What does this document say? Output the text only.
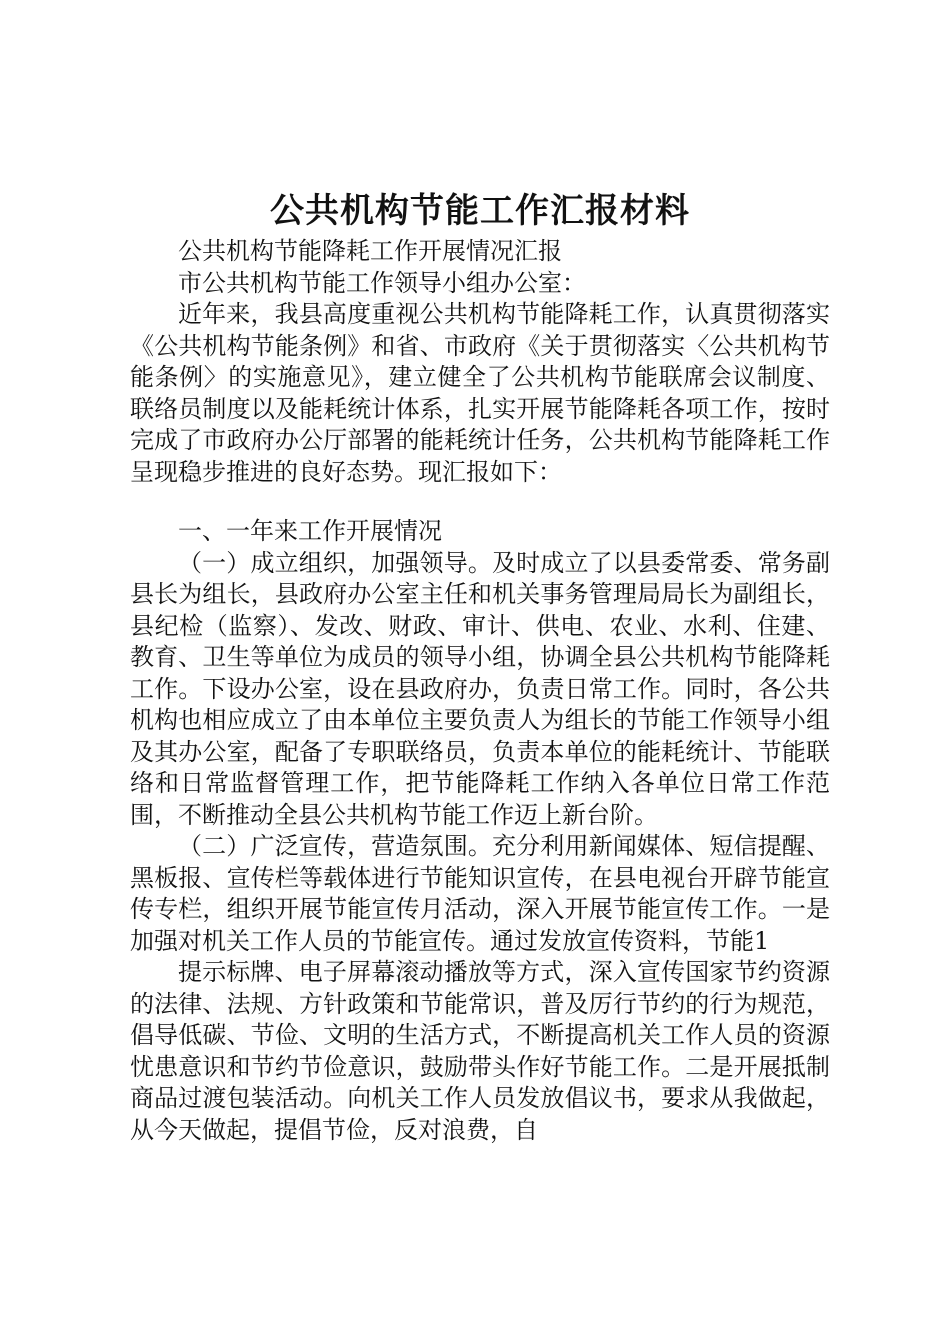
公共机构节能工作汇报材料

公共机构节能降耗工作开展情况汇报

市公共机构节能工作领导小组办公室：

近年来，我县高度重视公共机构节能降耗工作，认真贯彻落实《公共机构节能条例》和省、市政府《关于贯彻落实〈公共机构节能条例〉的实施意见》，建立健全了公共机构节能联席会议制度、联络员制度以及能耗统计体系，扎实开展节能降耗各项工作，按时完成了市政府办公厅部署的能耗统计任务，公共机构节能降耗工作呈现稳步推进的良好态势。现汇报如下：

一、一年来工作开展情况

（一）成立组织，加强领导。及时成立了以县委常委、常务副县长为组长，县政府办公室主任和机关事务管理局局长为副组长，县纪检（监察）、发改、财政、审计、供电、农业、水利、住建、教育、卫生等单位为成员的领导小组，协调全县公共机构节能降耗工作。下设办公室，设在县政府办，负责日常工作。同时，各公共机构也相应成立了由本单位主要负责人为组长的节能工作领导小组及其办公室，配备了专职联络员，负责本单位的能耗统计、节能联络和日常监督管理工作，把节能降耗工作纳入各单位日常工作范围，不断推动全县公共机构节能工作迈上新台阶。

（二）广泛宣传，营造氛围。充分利用新闻媒体、短信提醒、黑板报、宣传栏等载体进行节能知识宣传，在县电视台开辟节能宣传专栏，组织开展节能宣传月活动，深入开展节能宣传工作。一是加强对机关工作人员的节能宣传。通过发放宣传资料，节能1

提示标牌、电子屏幕滚动播放等方式，深入宣传国家节约资源的法律、法规、方针政策和节能常识，普及厉行节约的行为规范，倡导低碳、节俭、文明的生活方式，不断提高机关工作人员的资源忧患意识和节约节俭意识，鼓励带头作好节能工作。二是开展抵制商品过渡包装活动。向机关工作人员发放倡议书，要求从我做起，从今天做起，提倡节俭，反对浪费，自
